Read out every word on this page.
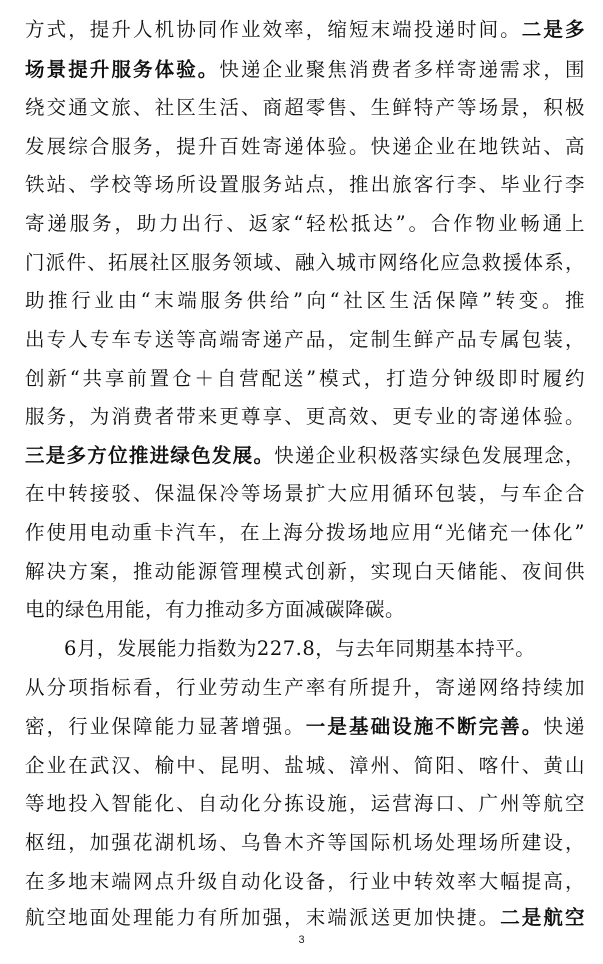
方式，提升人机协同作业效率，缩短末端投递时间。二是多
场景提升服务体验。快递企业聚焦消费者多样寄递需求，围
绕交通文旅、社区生活、商超零售、生鲜特产等场景，积极
发展综合服务，提升百姓寄递体验。快递企业在地铁站、高
铁站、学校等场所设置服务站点，推出旅客行李、毕业行李
寄递服务，助力出行、返家“轻松抵达”。合作物业畅通上
门派件、拓展社区服务领域、融入城市网络化应急救援体系，
助推行业由“末端服务供给”向“社区生活保障”转变。推
出专人专车专送等高端寄递产品，定制生鲜产品专属包装，
创新“共享前置仓＋自营配送”模式，打造分钟级即时履约
服务，为消费者带来更尊享、更高效、更专业的寄递体验。
三是多方位推进绿色发展。快递企业积极落实绿色发展理念，
在中转接驳、保温保冷等场景扩大应用循环包装，与车企合
作使用电动重卡汽车，在上海分拨场地应用“光储充一体化”
解决方案，推动能源管理模式创新，实现白天储能、夜间供
电的绿色用能，有力推动多方面减碳降碳。
6月，发展能力指数为227.8，与去年同期基本持平。
从分项指标看，行业劳动生产率有所提升，寄递网络持续加
密，行业保障能力显著增强。一是基础设施不断完善。快递
企业在武汉、榆中、昆明、盐城、漳州、简阳、喀什、黄山
等地投入智能化、自动化分拣设施，运营海口、广州等航空
枢纽，加强花湖机场、乌鲁木齐等国际机场处理场所建设，
在多地末端网点升级自动化设备，行业中转效率大幅提高，
航空地面处理能力有所加强，末端派送更加快捷。二是航空
3
